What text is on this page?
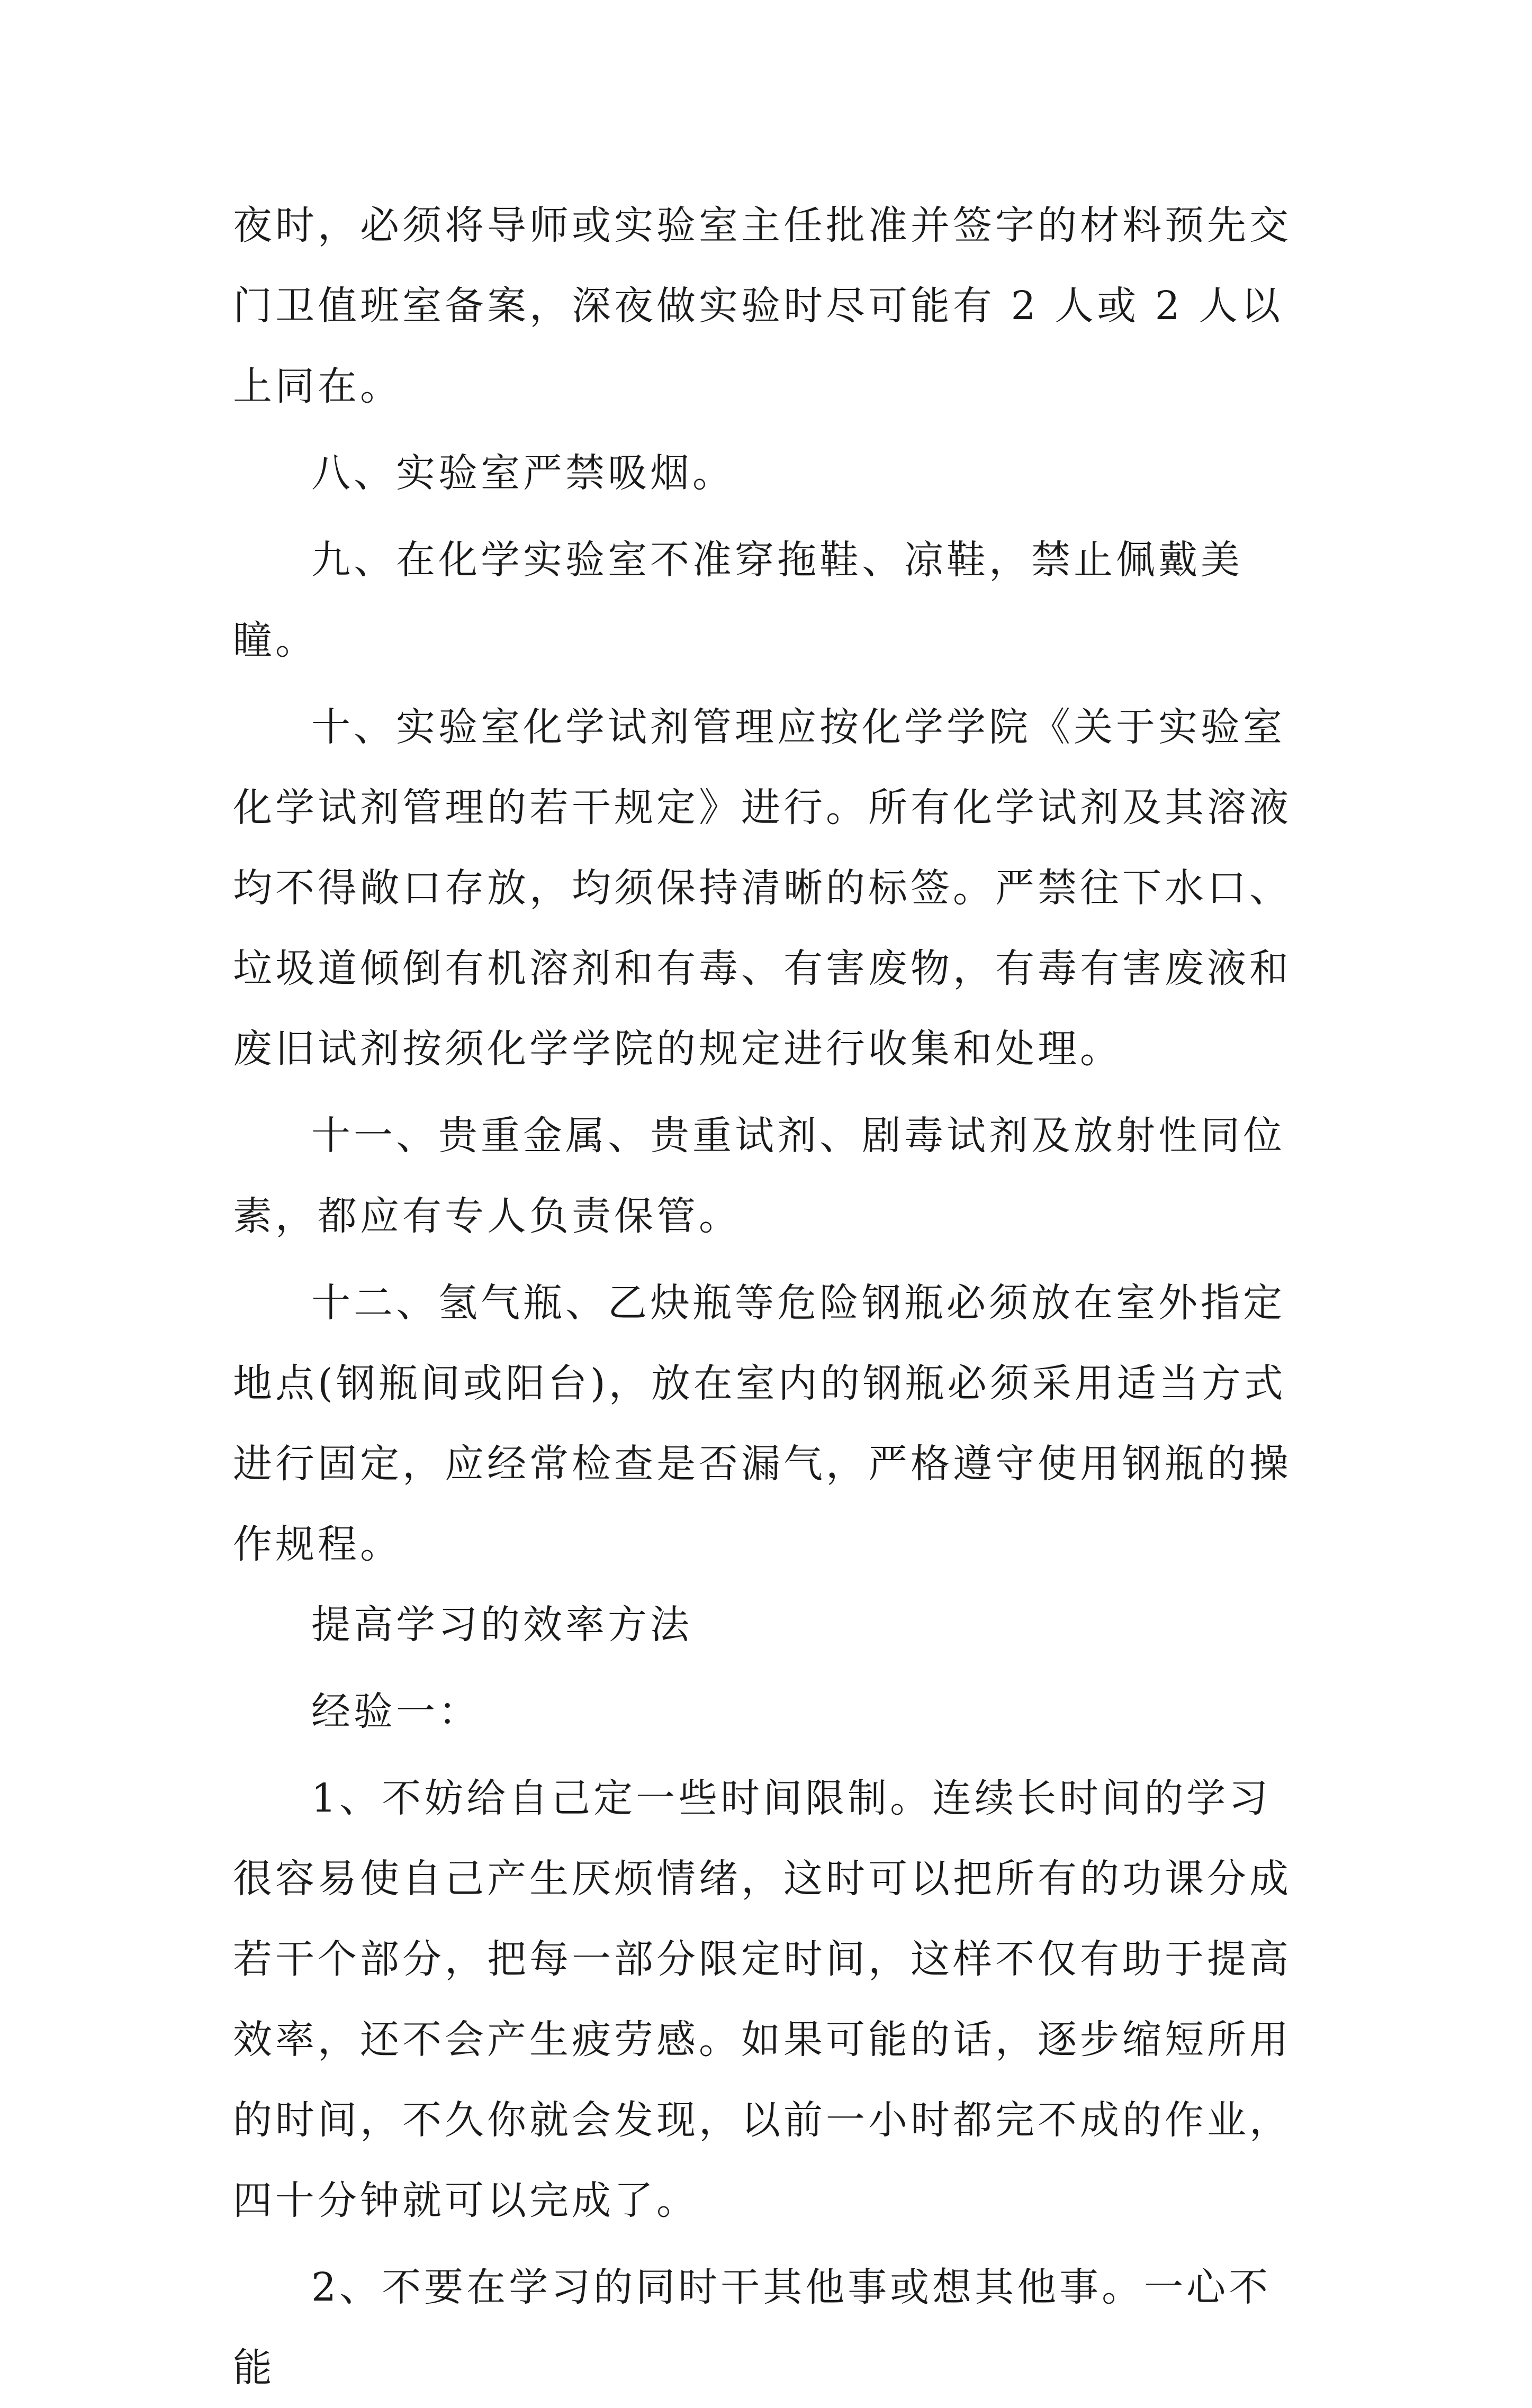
夜时，必须将导师或实验室主任批准并签字的材料预先交门卫值班室备案，深夜做实验时尽可能有 2 人或 2 人以上同在。

八、实验室严禁吸烟。

九、在化学实验室不准穿拖鞋、凉鞋，禁止佩戴美瞳。

十、实验室化学试剂管理应按化学学院《关于实验室化学试剂管理的若干规定》进行。所有化学试剂及其溶液均不得敞口存放，均须保持清晰的标签。严禁往下水口、垃圾道倾倒有机溶剂和有毒、有害废物，有毒有害废液和废旧试剂按须化学学院的规定进行收集和处理。

十一、贵重金属、贵重试剂、剧毒试剂及放射性同位素，都应有专人负责保管。

十二、氢气瓶、乙炔瓶等危险钢瓶必须放在室外指定地点(钢瓶间或阳台)，放在室内的钢瓶必须采用适当方式进行固定，应经常检查是否漏气，严格遵守使用钢瓶的操作规程。

提高学习的效率方法

经验一：

1、不妨给自己定一些时间限制。连续长时间的学习很容易使自己产生厌烦情绪，这时可以把所有的功课分成若干个部分，把每一部分限定时间，这样不仅有助于提高效率，还不会产生疲劳感。如果可能的话，逐步缩短所用的时间，不久你就会发现，以前一小时都完不成的作业，四十分钟就可以完成了。

2、不要在学习的同时干其他事或想其他事。一心不能
